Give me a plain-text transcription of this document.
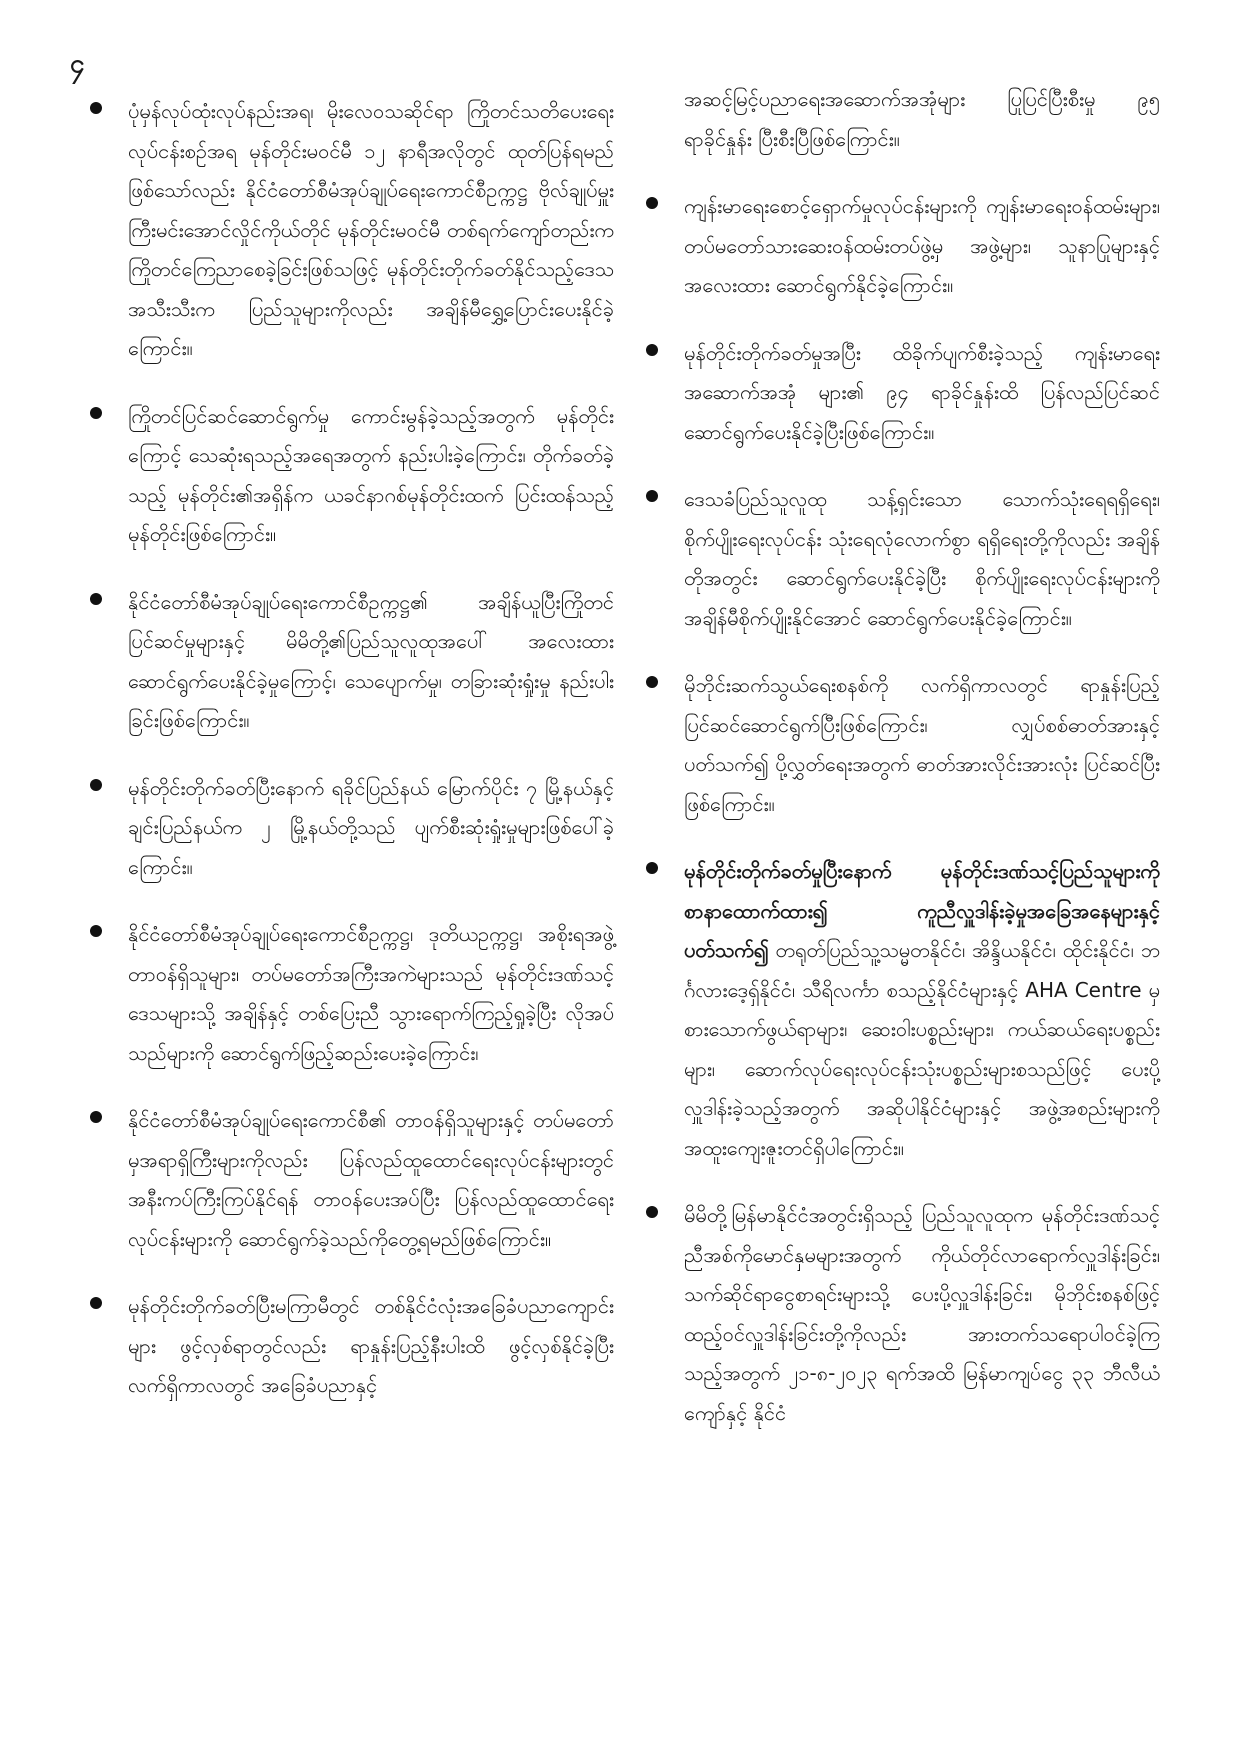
၄
ပုံမှန်လုပ်ထုံးလုပ်နည်းအရ၊ မိုးလေဝသဆိုင်ရာ ကြိုတင်သတိပေးရေးလုပ်ငန်းစဉ်အရ မုန်တိုင်းမဝင်မီ ၁၂ နာရီအလိုတွင် ထုတ်ပြန်ရမည်ဖြစ်သော်လည်း နိုင်ငံတော်စီမံအုပ်ချုပ်ရေးကောင်စီဥက္ကဋ္ဌ ဗိုလ်ချုပ်မှူးကြီးမင်းအောင်လှိုင်ကိုယ်တိုင် မုန်တိုင်းမဝင်မီ တစ်ရက်ကျော်တည်းက ကြိုတင်ကြေညာစေခဲ့ခြင်းဖြစ်သဖြင့် မုန်တိုင်းတိုက်ခတ်နိုင်သည့်ဒေသအသီးသီးက ပြည်သူများကိုလည်း အချိန်မီရွှေ့ပြောင်းပေးနိုင်ခဲ့ကြောင်း။
ကြိုတင်ပြင်ဆင်ဆောင်ရွက်မှု ကောင်းမွန်ခဲ့သည့်အတွက် မုန်တိုင်းကြောင့် သေဆုံးရသည့်အရေအတွက် နည်းပါးခဲ့ကြောင်း၊ တိုက်ခတ်ခဲ့သည့် မုန်တိုင်း၏အရှိန်က ယခင်နာဂစ်မုန်တိုင်းထက် ပြင်းထန်သည့်မုန်တိုင်းဖြစ်ကြောင်း။
နိုင်ငံတော်စီမံအုပ်ချုပ်ရေးကောင်စီဥက္ကဋ္ဌ၏ အချိန်ယူပြီးကြိုတင်ပြင်ဆင်မှုများနှင့် မိမိတို့၏ပြည်သူလူထုအပေါ် အလေးထားဆောင်ရွက်ပေးနိုင်ခဲ့မှုကြောင့်၊ သေပျောက်မှု၊ တခြားဆုံးရှုံးမှု နည်းပါးခြင်းဖြစ်ကြောင်း။
မုန်တိုင်းတိုက်ခတ်ပြီးနောက် ရခိုင်ပြည်နယ် မြောက်ပိုင်း ၇ မြို့နယ်နှင့် ချင်းပြည်နယ်က ၂ မြို့နယ်တို့သည် ပျက်စီးဆုံးရှုံးမှုများဖြစ်ပေါ်ခဲ့ကြောင်း။
နိုင်ငံတော်စီမံအုပ်ချုပ်ရေးကောင်စီဥက္ကဋ္ဌ၊ ဒုတိယဥက္ကဋ္ဌ၊ အစိုးရအဖွဲ့တာဝန်ရှိသူများ၊ တပ်မတော်အကြီးအကဲများသည် မုန်တိုင်းဒဏ်သင့်ဒေသများသို့ အချိန်နှင့် တစ်ပြေးညီ သွားရောက်ကြည့်ရှုခဲ့ပြီး လိုအပ်သည်များကို ဆောင်ရွက်ဖြည့်ဆည်းပေးခဲ့ကြောင်း၊
နိုင်ငံတော်စီမံအုပ်ချုပ်ရေးကောင်စီ၏ တာဝန်ရှိသူများနှင့် တပ်မတော်မှအရာရှိကြီးများကိုလည်း ပြန်လည်ထူထောင်ရေးလုပ်ငန်းများတွင် အနီးကပ်ကြီးကြပ်နိုင်ရန် တာဝန်ပေးအပ်ပြီး ပြန်လည်ထူထောင်ရေးလုပ်ငန်းများကို ဆောင်ရွက်ခဲ့သည်ကိုတွေ့ရမည်ဖြစ်ကြောင်း။
မုန်တိုင်းတိုက်ခတ်ပြီးမကြာမီတွင် တစ်နိုင်ငံလုံးအခြေခံပညာကျောင်းများ ဖွင့်လှစ်ရာတွင်လည်း ရာနှုန်းပြည့်နီးပါးထိ ဖွင့်လှစ်နိုင်ခဲ့ပြီး လက်ရှိကာလတွင် အခြေခံပညာနှင့်
အဆင့်မြင့်ပညာရေးအဆောက်အအုံများ ပြုပြင်ပြီးစီးမှု ၉၅ ရာခိုင်နှုန်း ပြီးစီးပြီဖြစ်ကြောင်း။
ကျန်းမာရေးစောင့်ရှောက်မှုလုပ်ငန်းများကို ကျန်းမာရေးဝန်ထမ်းများ၊ တပ်မတော်သားဆေးဝန်ထမ်းတပ်ဖွဲ့မှ အဖွဲ့များ၊ သူနာပြုများနှင့် အလေးထား ဆောင်ရွက်နိုင်ခဲ့ကြောင်း။
မုန်တိုင်းတိုက်ခတ်မှုအပြီး ထိခိုက်ပျက်စီးခဲ့သည့် ကျန်းမာရေးအဆောက်အအုံ များ၏ ၉၄ ရာခိုင်နှုန်းထိ ပြန်လည်ပြင်ဆင် ဆောင်ရွက်ပေးနိုင်ခဲ့ပြီးဖြစ်ကြောင်း။
ဒေသခံပြည်သူလူထု သန့်ရှင်းသော သောက်သုံးရေရရှိရေး၊ စိုက်ပျိုးရေးလုပ်ငန်း သုံးရေလုံလောက်စွာ ရရှိရေးတို့ကိုလည်း အချိန်တိုအတွင်း ဆောင်ရွက်ပေးနိုင်ခဲ့ပြီး စိုက်ပျိုးရေးလုပ်ငန်းများကို အချိန်မီစိုက်ပျိုးနိုင်အောင် ဆောင်ရွက်ပေးနိုင်ခဲ့ကြောင်း။
မိုဘိုင်းဆက်သွယ်ရေးစနစ်ကို လက်ရှိကာလတွင် ရာနှုန်းပြည့် ပြင်ဆင်ဆောင်ရွက်ပြီးဖြစ်ကြောင်း၊ လျှပ်စစ်ဓာတ်အားနှင့်ပတ်သက်၍ ပို့လွှတ်ရေးအတွက် ဓာတ်အားလိုင်းအားလုံး ပြင်ဆင်ပြီးဖြစ်ကြောင်း။
မုန်တိုင်းတိုက်ခတ်မှုပြီးနောက် မုန်တိုင်းဒဏ်သင့်ပြည်သူများကို စာနာထောက်ထား၍ ကူညီလှူဒါန်းခဲ့မှုအခြေအနေများနှင့်ပတ်သက်၍ တရုတ်ပြည်သူ့သမ္မတနိုင်ငံ၊ အိန္ဒိယနိုင်ငံ၊ ထိုင်းနိုင်ငံ၊ ဘင်္ဂလားဒေ့ရှ်နိုင်ငံ၊ သီရိလင်္ကာ စသည့်နိုင်ငံများနှင့် AHA Centre မှ စားသောက်ဖွယ်ရာများ၊ ဆေးဝါးပစ္စည်းများ၊ ကယ်ဆယ်ရေးပစ္စည်းများ၊ ဆောက်လုပ်ရေးလုပ်ငန်းသုံးပစ္စည်းများစသည်ဖြင့် ပေးပို့လှူဒါန်းခဲ့သည့်အတွက် အဆိုပါနိုင်ငံများနှင့် အဖွဲ့အစည်းများကို အထူးကျေးဇူးတင်ရှိပါကြောင်း။
မိမိတို့မြန်မာနိုင်ငံအတွင်းရှိသည့် ပြည်သူလူထုက မုန်တိုင်းဒဏ်သင့် ညီအစ်ကိုမောင်နှမများအတွက် ကိုယ်တိုင်လာရောက်လှူဒါန်းခြင်း၊ သက်ဆိုင်ရာငွေစာရင်းများသို့ ပေးပို့လှူဒါန်းခြင်း၊ မိုဘိုင်းစနစ်ဖြင့် ထည့်ဝင်လှူဒါန်းခြင်းတို့ကိုလည်း အားတက်သရောပါဝင်ခဲ့ကြသည့်အတွက် ၂၁-၈-၂၀၂၃ ရက်အထိ မြန်မာကျပ်ငွေ ၃၃ ဘီလီယံကျော်နှင့် နိုင်ငံ
